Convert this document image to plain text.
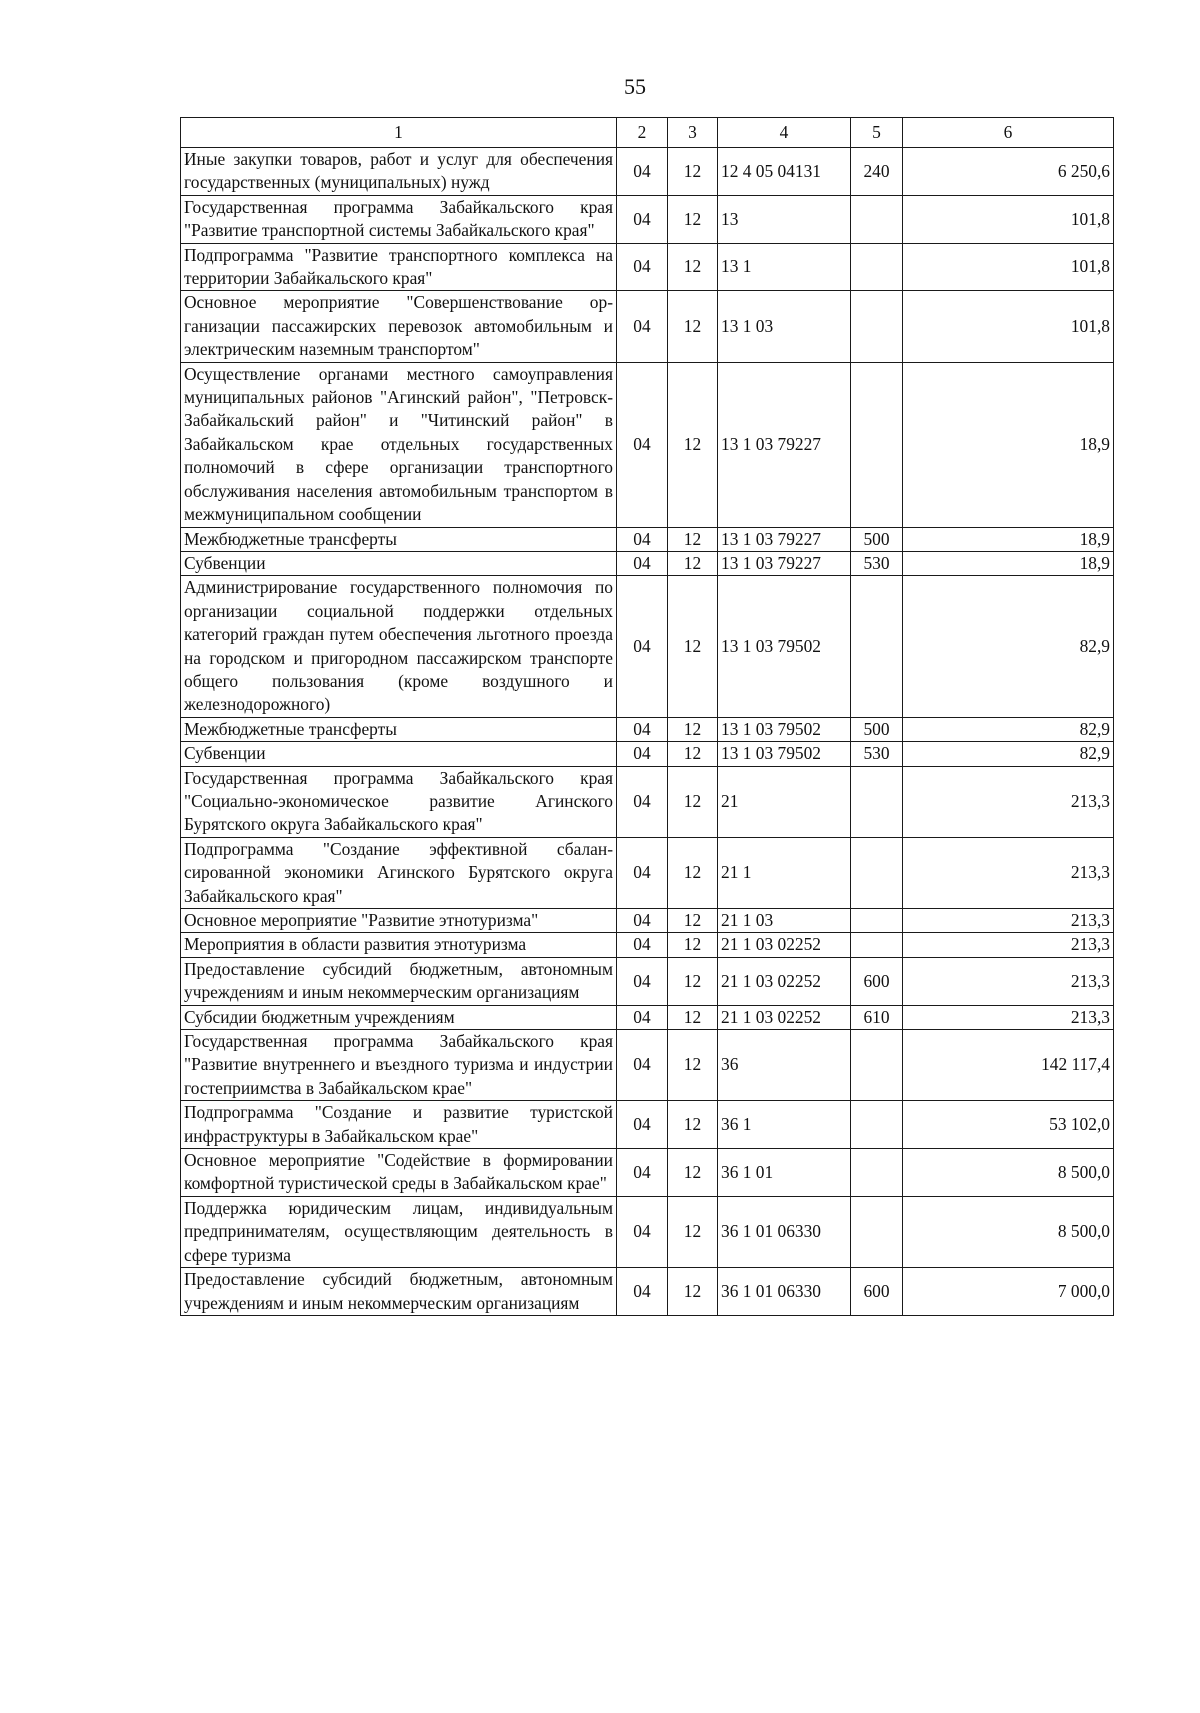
55
1	2	3	4	5	6
Иные закупки товаров, работ и услуг для обеспечения государственных (муниципальных) нужд	04	12	12 4 05 04131	240	6 250,6
Государственная программа Забайкальского края "Развитие транспортной системы Забайкальского края"	04	12	13		101,8
Подпрограмма "Развитие транспортного комплекса на территории Забайкальского края"	04	12	13 1		101,8
Основное мероприятие "Совершенствование организации пассажирских перевозок автомобильным и электрическим наземным транспортом"	04	12	13 1 03		101,8
Осуществление органами местного самоуправления муниципальных районов "Агинский район", "Петровск-Забайкальский район" и "Читинский район" в Забайкальском крае отдельных государственных полномочий в сфере организации транспортного обслуживания населения автомобильным транспортом в межмуниципальном сообщении	04	12	13 1 03 79227		18,9
Межбюджетные трансферты	04	12	13 1 03 79227	500	18,9
Субвенции	04	12	13 1 03 79227	530	18,9
Администрирование государственного полномочия по организации социальной поддержки отдельных категорий граждан путем обеспечения льготного проезда на городском и пригородном пассажирском транспорте общего пользования (кроме воздушного и железнодорожного)	04	12	13 1 03 79502		82,9
Межбюджетные трансферты	04	12	13 1 03 79502	500	82,9
Субвенции	04	12	13 1 03 79502	530	82,9
Государственная программа Забайкальского края "Социально-экономическое развитие Агинского Бурятского округа Забайкальского края"	04	12	21		213,3
Подпрограмма "Создание эффективной сбалансированной экономики Агинского Бурятского округа Забайкальского края"	04	12	21 1		213,3
Основное мероприятие "Развитие этнотуризма"	04	12	21 1 03		213,3
Мероприятия в области развития этнотуризма	04	12	21 1 03 02252		213,3
Предоставление субсидий бюджетным, автономным учреждениям и иным некоммерческим организациям	04	12	21 1 03 02252	600	213,3
Субсидии бюджетным учреждениям	04	12	21 1 03 02252	610	213,3
Государственная программа Забайкальского края "Развитие внутреннего и въездного туризма и индустрии гостеприимства в Забайкальском крае"	04	12	36		142 117,4
Подпрограмма "Создание и развитие туристской инфраструктуры в Забайкальском крае"	04	12	36 1		53 102,0
Основное мероприятие "Содействие в формировании комфортной туристической среды в Забайкальском крае"	04	12	36 1 01		8 500,0
Поддержка юридическим лицам, индивидуальным предпринимателям, осуществляющим деятельность в сфере туризма	04	12	36 1 01 06330		8 500,0
Предоставление субсидий бюджетным, автономным учреждениям и иным некоммерческим организациям	04	12	36 1 01 06330	600	7 000,0
